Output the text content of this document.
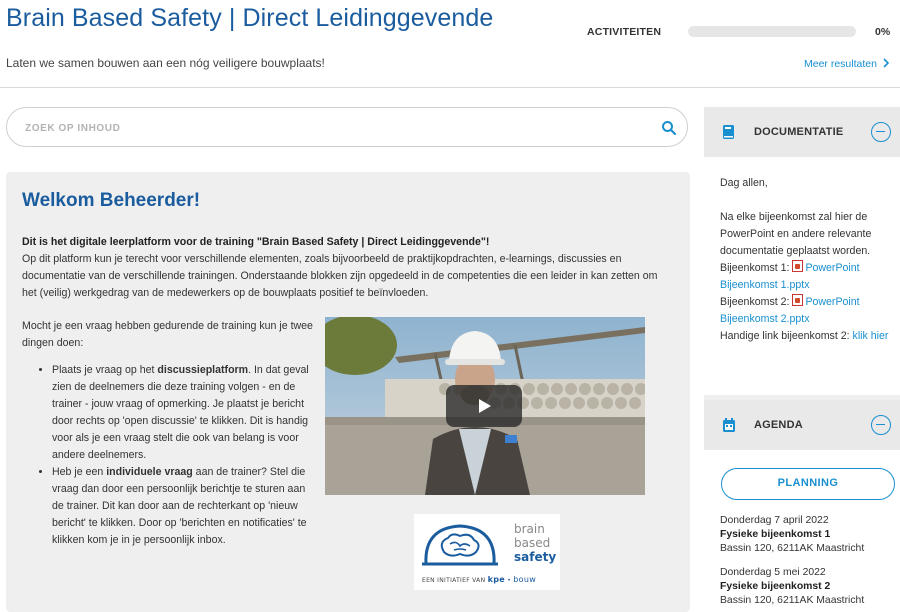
Brain Based Safety | Direct Leidinggevende
Laten we samen bouwen aan een nóg veiligere bouwplaats!
ACTIVITEITEN	0%
Meer resultaten
ZOEK OP INHOUD
Welkom Beheerder!
Dit is het digitale leerplatform voor de training "Brain Based Safety | Direct Leidinggevende"!
Op dit platform kun je terecht voor verschillende elementen, zoals bijvoorbeeld de praktijkopdrachten, e-learnings, discussies en documentatie van de verschillende trainingen. Onderstaande blokken zijn opgedeeld in de competenties die een leider in kan zetten om het (veilig) werkgedrag van de medewerkers op de bouwplaats positief te beïnvloeden.
Mocht je een vraag hebben gedurende de training kun je twee dingen doen:
• Plaats je vraag op het discussieplatform. In dat geval zien de deelnemers die deze training volgen - en de trainer - jouw vraag of opmerking. Je plaatst je bericht door rechts op 'open discussie' te klikken. Dit is handig voor als je een vraag stelt die ook van belang is voor andere deelnemers.
• Heb je een individuele vraag aan de trainer? Stel die vraag dan door een persoonlijk berichtje te sturen aan de trainer. Dit kan door aan de rechterkant op 'nieuw bericht' te klikken. Door op 'berichten en notificaties' te klikken kom je in je persoonlijk inbox.
brain
based
safety
EEN INITIATIEF VAN kpe • bouw
DOCUMENTATIE
Dag allen,
Na elke bijeenkomst zal hier de PowerPoint en andere relevante documentatie geplaatst worden.
Bijeenkomst 1: PowerPoint Bijeenkomst 1.pptx
Bijeenkomst 2: PowerPoint Bijeenkomst 2.pptx
Handige link bijeenkomst 2: klik hier
AGENDA
PLANNING
Donderdag 7 april 2022
Fysieke bijeenkomst 1
Bassin 120, 6211AK Maastricht
Donderdag 5 mei 2022
Fysieke bijeenkomst 2
Bassin 120, 6211AK Maastricht
